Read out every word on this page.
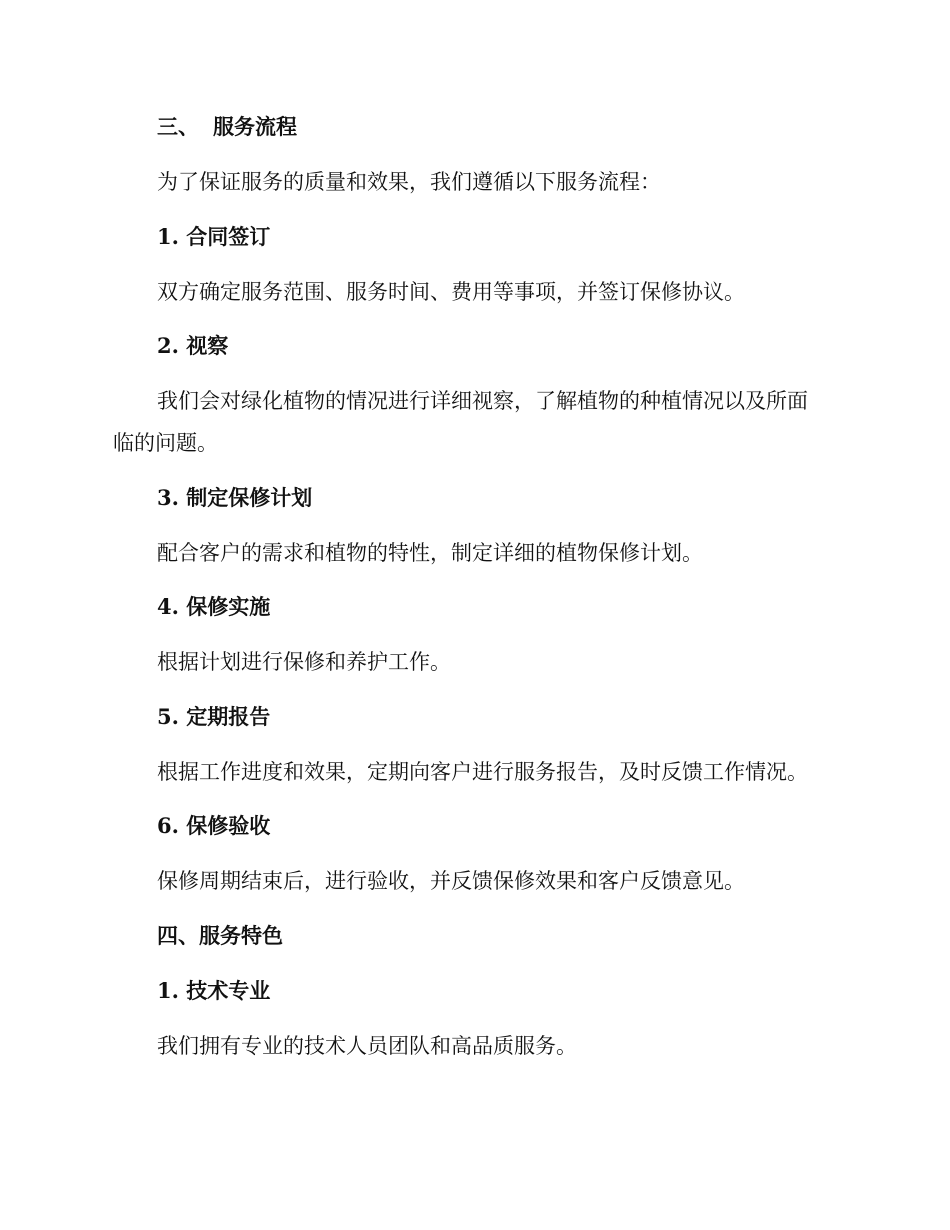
三、 服务流程
为了保证服务的质量和效果，我们遵循以下服务流程：
1. 合同签订
双方确定服务范围、服务时间、费用等事项，并签订保修协议。
2. 视察
我们会对绿化植物的情况进行详细视察，了解植物的种植情况以及所面
临的问题。
3. 制定保修计划
配合客户的需求和植物的特性，制定详细的植物保修计划。
4. 保修实施
根据计划进行保修和养护工作。
5. 定期报告
根据工作进度和效果，定期向客户进行服务报告，及时反馈工作情况。
6. 保修验收
保修周期结束后，进行验收，并反馈保修效果和客户反馈意见。
四、服务特色
1. 技术专业
我们拥有专业的技术人员团队和高品质服务。
